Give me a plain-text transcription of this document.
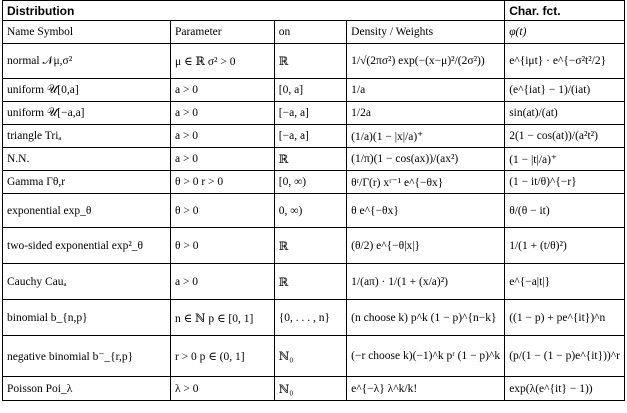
Distribution				Char. fct.
Name Symbol	Parameter	on	Density / Weights	φ(t)
normal 𝒩μ,σ²	μ ∈ ℝ σ² > 0	ℝ	1/√(2πσ²) exp(−(x−μ)²/(2σ²))	e^{iμt} · e^{−σ²t²/2}
uniform 𝒰[0,a]	a > 0	[0, a]	1/a	(e^{iat} − 1)/(iat)
uniform 𝒰[−a,a]	a > 0	[−a, a]	1/2a	sin(at)/(at)
triangle Triₐ	a > 0	[−a, a]	(1/a)(1 − |x|/a)⁺	2(1 − cos(at))/(a²t²)
N.N.	a > 0	ℝ	(1/π)(1 − cos(ax))/(ax²)	(1 − |t|/a)⁺
Gamma Γθ,r	θ > 0 r > 0	[0, ∞)	θʳ/Γ(r) xʳ⁻¹ e^{−θx}	(1 − it/θ)^{−r}
exponential exp_θ	θ > 0	0, ∞)	θ e^{−θx}	θ/(θ − it)
two-sided exponential exp²_θ	θ > 0	ℝ	(θ/2) e^{−θ|x|}	1/(1 + (t/θ)²)
Cauchy Cauₐ	a > 0	ℝ	1/(aπ) · 1/(1 + (x/a)²)	e^{−a|t|}
binomial b_{n,p}	n ∈ ℕ p ∈ [0, 1]	{0, . . . , n}	(n choose k) p^k (1 − p)^{n−k}	((1 − p) + pe^{it})^n
negative binomial b⁻_{r,p}	r > 0 p ∈ (0, 1]	ℕ₀	(−r choose k)(−1)^k pʳ (1 − p)^k	(p/(1 − (1 − p)e^{it}))^r
Poisson Poi_λ	λ > 0	ℕ₀	e^{−λ} λ^k/k!	exp(λ(e^{it} − 1))
